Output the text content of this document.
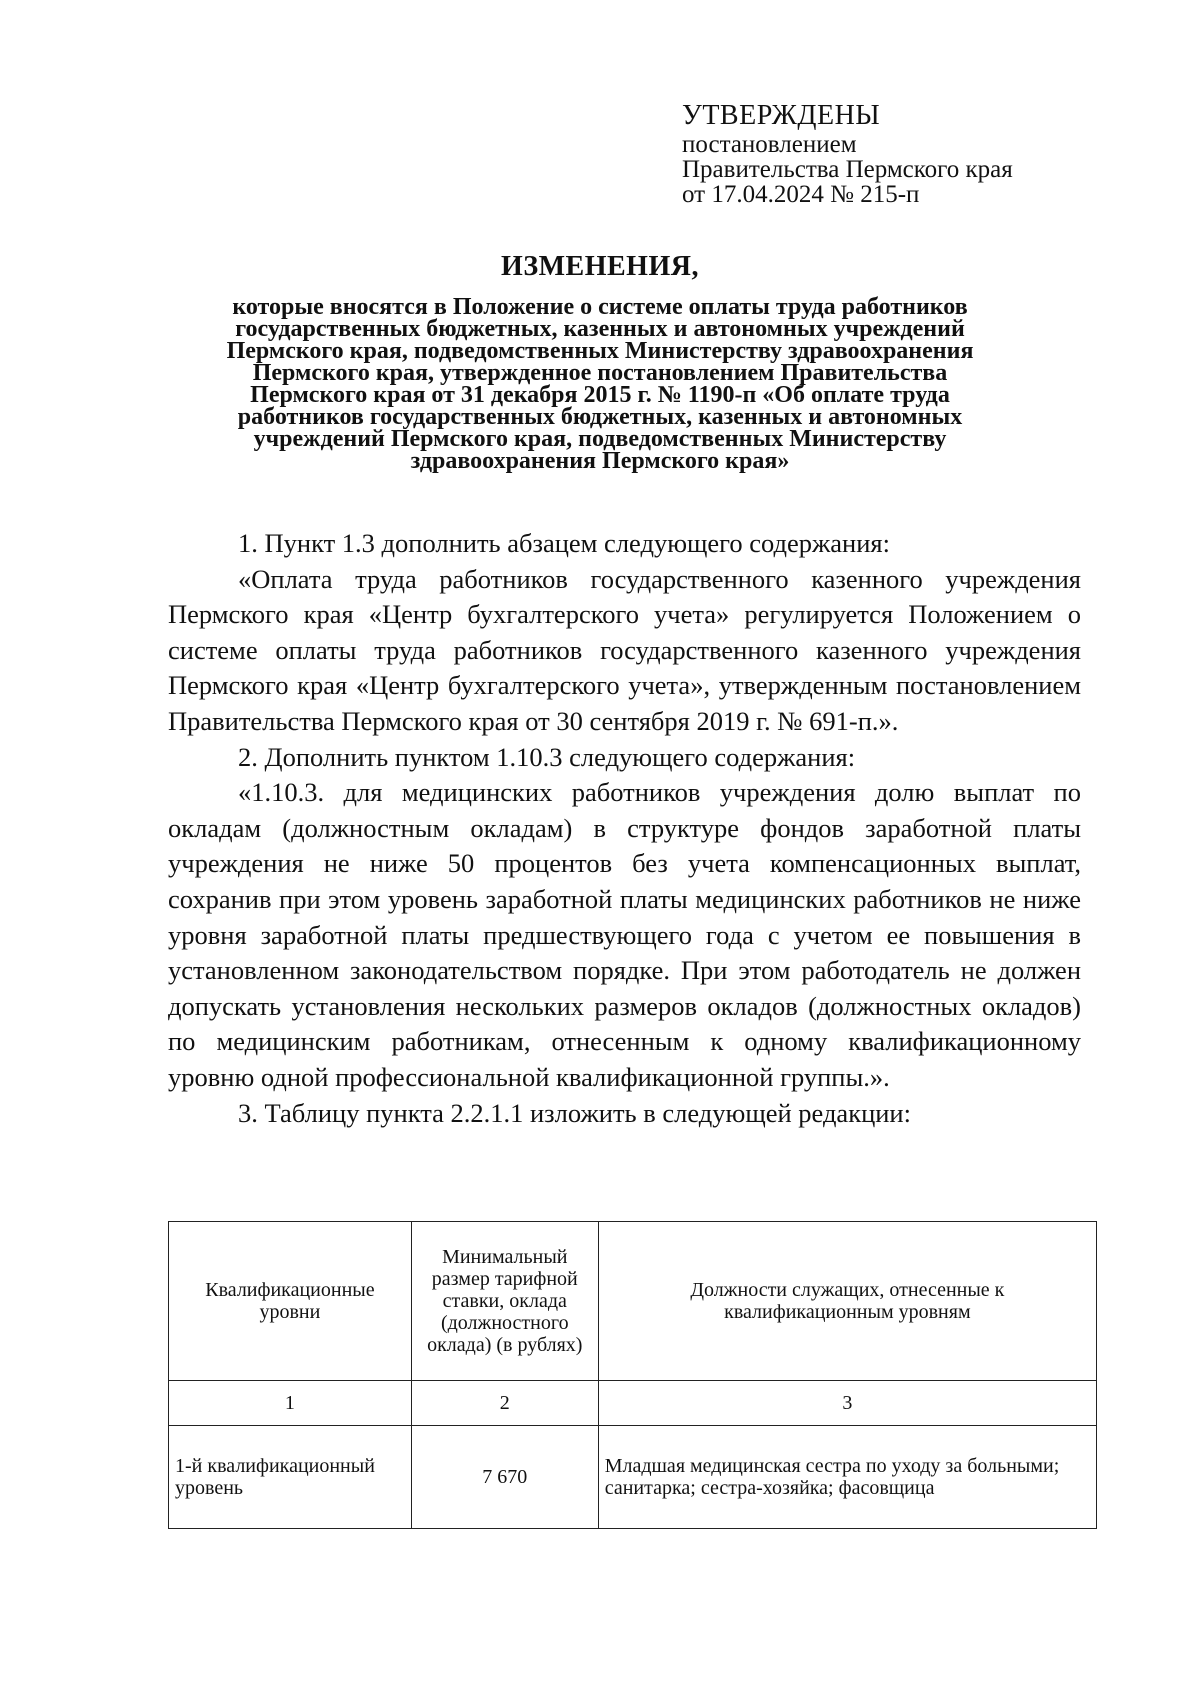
УТВЕРЖДЕНЫ
постановлением
Правительства Пермского края
от 17.04.2024 № 215-п
ИЗМЕНЕНИЯ,
которые вносятся в Положение о системе оплаты труда работников
государственных бюджетных, казенных и автономных учреждений
Пермского края, подведомственных Министерству здравоохранения
Пермского края, утвержденное постановлением Правительства
Пермского края от 31 декабря 2015 г. № 1190-п «Об оплате труда
работников государственных бюджетных, казенных и автономных
учреждений Пермского края, подведомственных Министерству
здравоохранения Пермского края»

1. Пункт 1.3 дополнить абзацем следующего содержания:

«Оплата труда работников государственного казенного учреждения Пермского края «Центр бухгалтерского учета» регулируется Положением о системе оплаты труда работников государственного казенного учреждения Пермского края «Центр бухгалтерского учета», утвержденным постановлением Правительства Пермского края от 30 сентября 2019 г. № 691-п.».

2. Дополнить пунктом 1.10.3 следующего содержания:

«1.10.3. для медицинских работников учреждения долю выплат по окладам (должностным окладам) в структуре фондов заработной платы учреждения не ниже 50 процентов без учета компенсационных выплат, сохранив при этом уровень заработной платы медицинских работников не ниже уровня заработной платы предшествующего года с учетом ее повышения в установленном законодательством порядке. При этом работодатель не должен допускать установления нескольких размеров окладов (должностных окладов) по медицинским работникам, отнесенным к одному квалификационному уровню одной профессиональной квалификационной группы.».

3. Таблицу пункта 2.2.1.1 изложить в следующей редакции:

Квалификационные уровни	Минимальный размер тарифной ставки, оклада (должностного оклада) (в рублях)	Должности служащих, отнесенные к квалификационным уровням
1	2	3
1-й квалификационный уровень	7 670	Младшая медицинская сестра по уходу за больными; санитарка; сестра-хозяйка; фасовщица
